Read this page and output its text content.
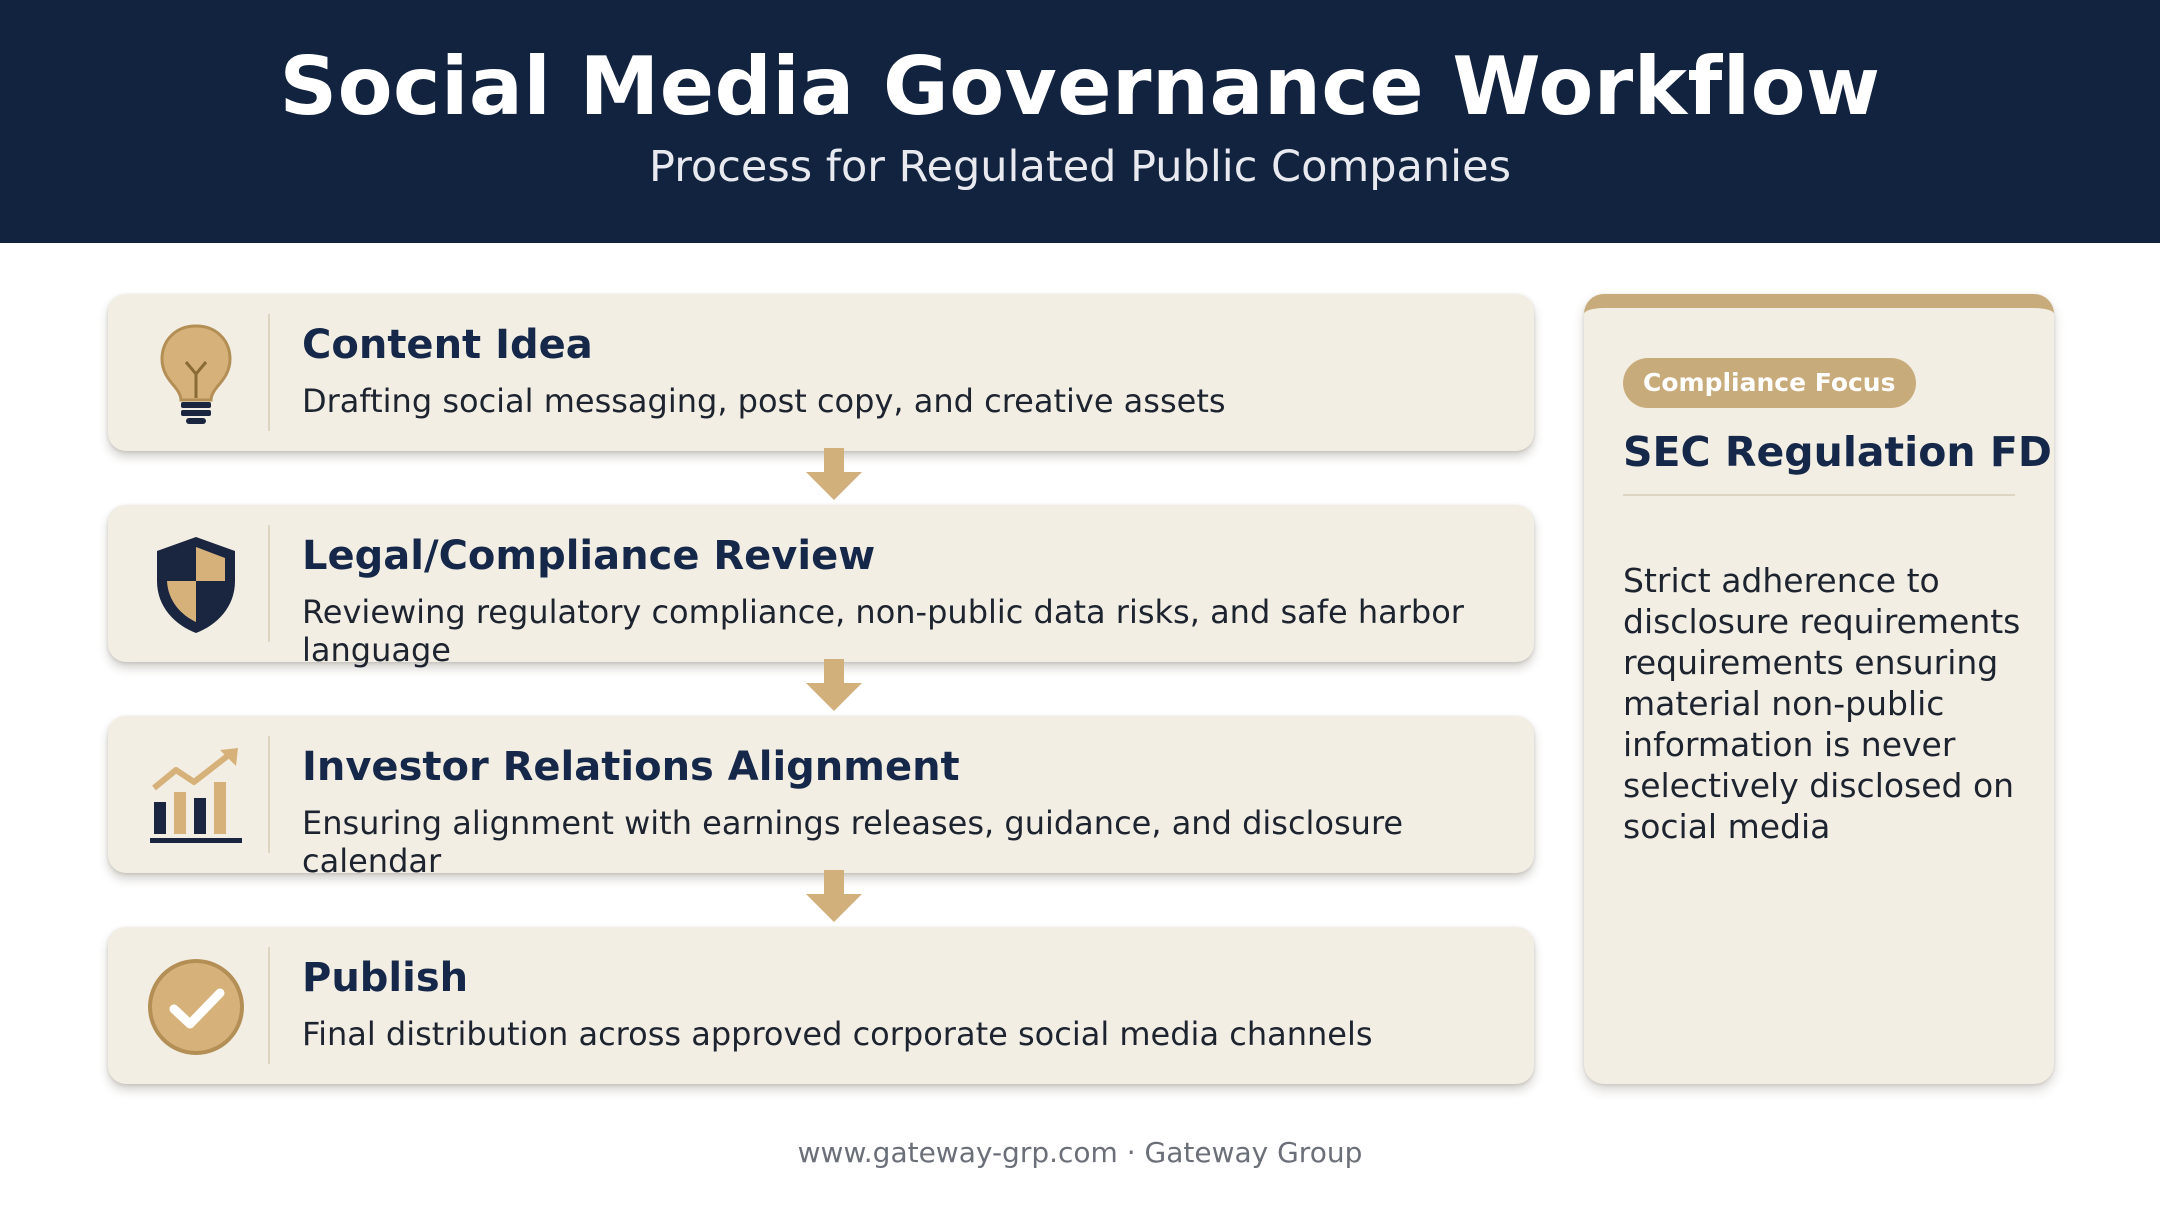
Social Media Governance Workflow
Process for Regulated Public Companies
Content Idea
Drafting social messaging, post copy, and creative assets
Legal/Compliance Review
Reviewing regulatory compliance, non-public data risks, and safe harbor language
Investor Relations Alignment
Ensuring alignment with earnings releases, guidance, and disclosure calendar
Publish
Final distribution across approved corporate social media channels
Compliance Focus
SEC Regulation FD
Strict adherence to disclosure requirements requirements ensuring material non-public information is never selectively disclosed on social media
www.gateway-grp.com · Gateway Group
